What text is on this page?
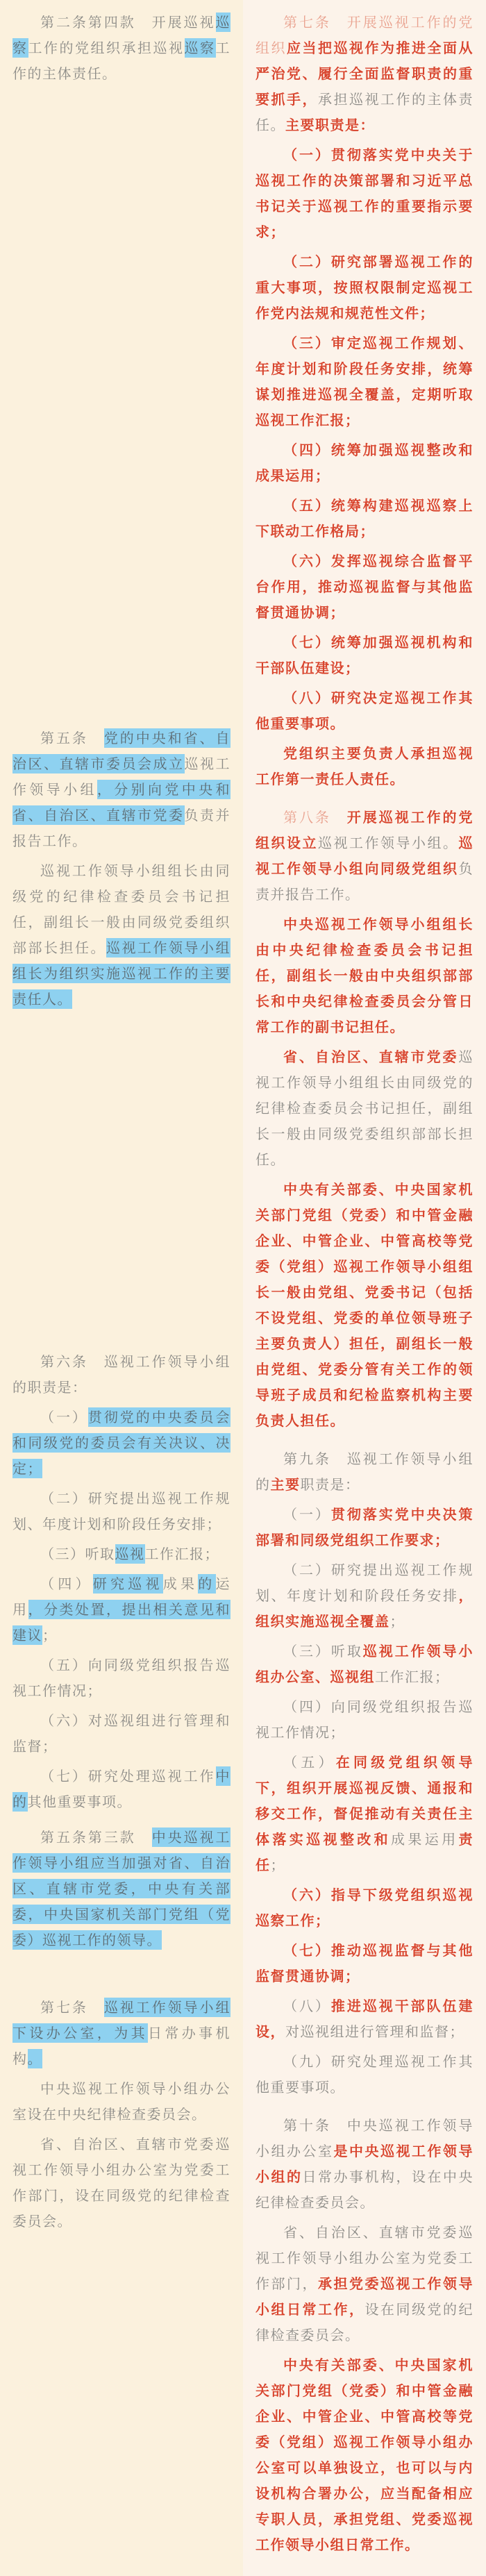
第二条第四款　开展巡视巡察工作的党组织承担巡视巡察工作的主体责任。

第五条　党的中央和省、自治区、直辖市委员会成立巡视工作领导小组，分别向党中央和省、自治区、直辖市党委负责并报告工作。

巡视工作领导小组组长由同级党的纪律检查委员会书记担任，副组长一般由同级党委组织部部长担任。巡视工作领导小组组长为组织实施巡视工作的主要责任人。

第六条　巡视工作领导小组的职责是：

（一）贯彻党的中央委员会和同级党的委员会有关决议、决定；

（二）研究提出巡视工作规划、年度计划和阶段任务安排；

（三）听取巡视工作汇报；

（四）研究巡视成果的运用，分类处置，提出相关意见和建议；

（五）向同级党组织报告巡视工作情况；

（六）对巡视组进行管理和监督；

（七）研究处理巡视工作中的其他重要事项。

第五条第三款　中央巡视工作领导小组应当加强对省、自治区、直辖市党委，中央有关部委，中央国家机关部门党组（党委）巡视工作的领导。

第七条　巡视工作领导小组下设办公室，为其日常办事机构。

中央巡视工作领导小组办公室设在中央纪律检查委员会。

省、自治区、直辖市党委巡视工作领导小组办公室为党委工作部门，设在同级党的纪律检查委员会。

第七条　开展巡视工作的党组织应当把巡视作为推进全面从严治党、履行全面监督职责的重要抓手，承担巡视工作的主体责任。主要职责是：

（一）贯彻落实党中央关于巡视工作的决策部署和习近平总书记关于巡视工作的重要指示要求；

（二）研究部署巡视工作的重大事项，按照权限制定巡视工作党内法规和规范性文件；

（三）审定巡视工作规划、年度计划和阶段任务安排，统筹谋划推进巡视全覆盖，定期听取巡视工作汇报；

（四）统筹加强巡视整改和成果运用；

（五）统筹构建巡视巡察上下联动工作格局；

（六）发挥巡视综合监督平台作用，推动巡视监督与其他监督贯通协调；

（七）统筹加强巡视机构和干部队伍建设；

（八）研究决定巡视工作其他重要事项。

党组织主要负责人承担巡视工作第一责任人责任。

第八条　开展巡视工作的党组织设立巡视工作领导小组。巡视工作领导小组向同级党组织负责并报告工作。

中央巡视工作领导小组组长由中央纪律检查委员会书记担任，副组长一般由中央组织部部长和中央纪律检查委员会分管日常工作的副书记担任。

省、自治区、直辖市党委巡视工作领导小组组长由同级党的纪律检查委员会书记担任，副组长一般由同级党委组织部部长担任。

中央有关部委、中央国家机关部门党组（党委）和中管金融企业、中管企业、中管高校等党委（党组）巡视工作领导小组组长一般由党组、党委书记（包括不设党组、党委的单位领导班子主要负责人）担任，副组长一般由党组、党委分管有关工作的领导班子成员和纪检监察机构主要负责人担任。

第九条　巡视工作领导小组的主要职责是：

（一）贯彻落实党中央决策部署和同级党组织工作要求；

（二）研究提出巡视工作规划、年度计划和阶段任务安排，组织实施巡视全覆盖；

（三）听取巡视工作领导小组办公室、巡视组工作汇报；

（四）向同级党组织报告巡视工作情况；

（五）在同级党组织领导下，组织开展巡视反馈、通报和移交工作，督促推动有关责任主体落实巡视整改和成果运用责任；

（六）指导下级党组织巡视巡察工作；

（七）推动巡视监督与其他监督贯通协调；

（八）推进巡视干部队伍建设，对巡视组进行管理和监督；

（九）研究处理巡视工作其他重要事项。

第十条　中央巡视工作领导小组办公室是中央巡视工作领导小组的日常办事机构，设在中央纪律检查委员会。

省、自治区、直辖市党委巡视工作领导小组办公室为党委工作部门，承担党委巡视工作领导小组日常工作，设在同级党的纪律检查委员会。

中央有关部委、中央国家机关部门党组（党委）和中管金融企业、中管企业、中管高校等党委（党组）巡视工作领导小组办公室可以单独设立，也可以与内设机构合署办公，应当配备相应专职人员，承担党组、党委巡视工作领导小组日常工作。
